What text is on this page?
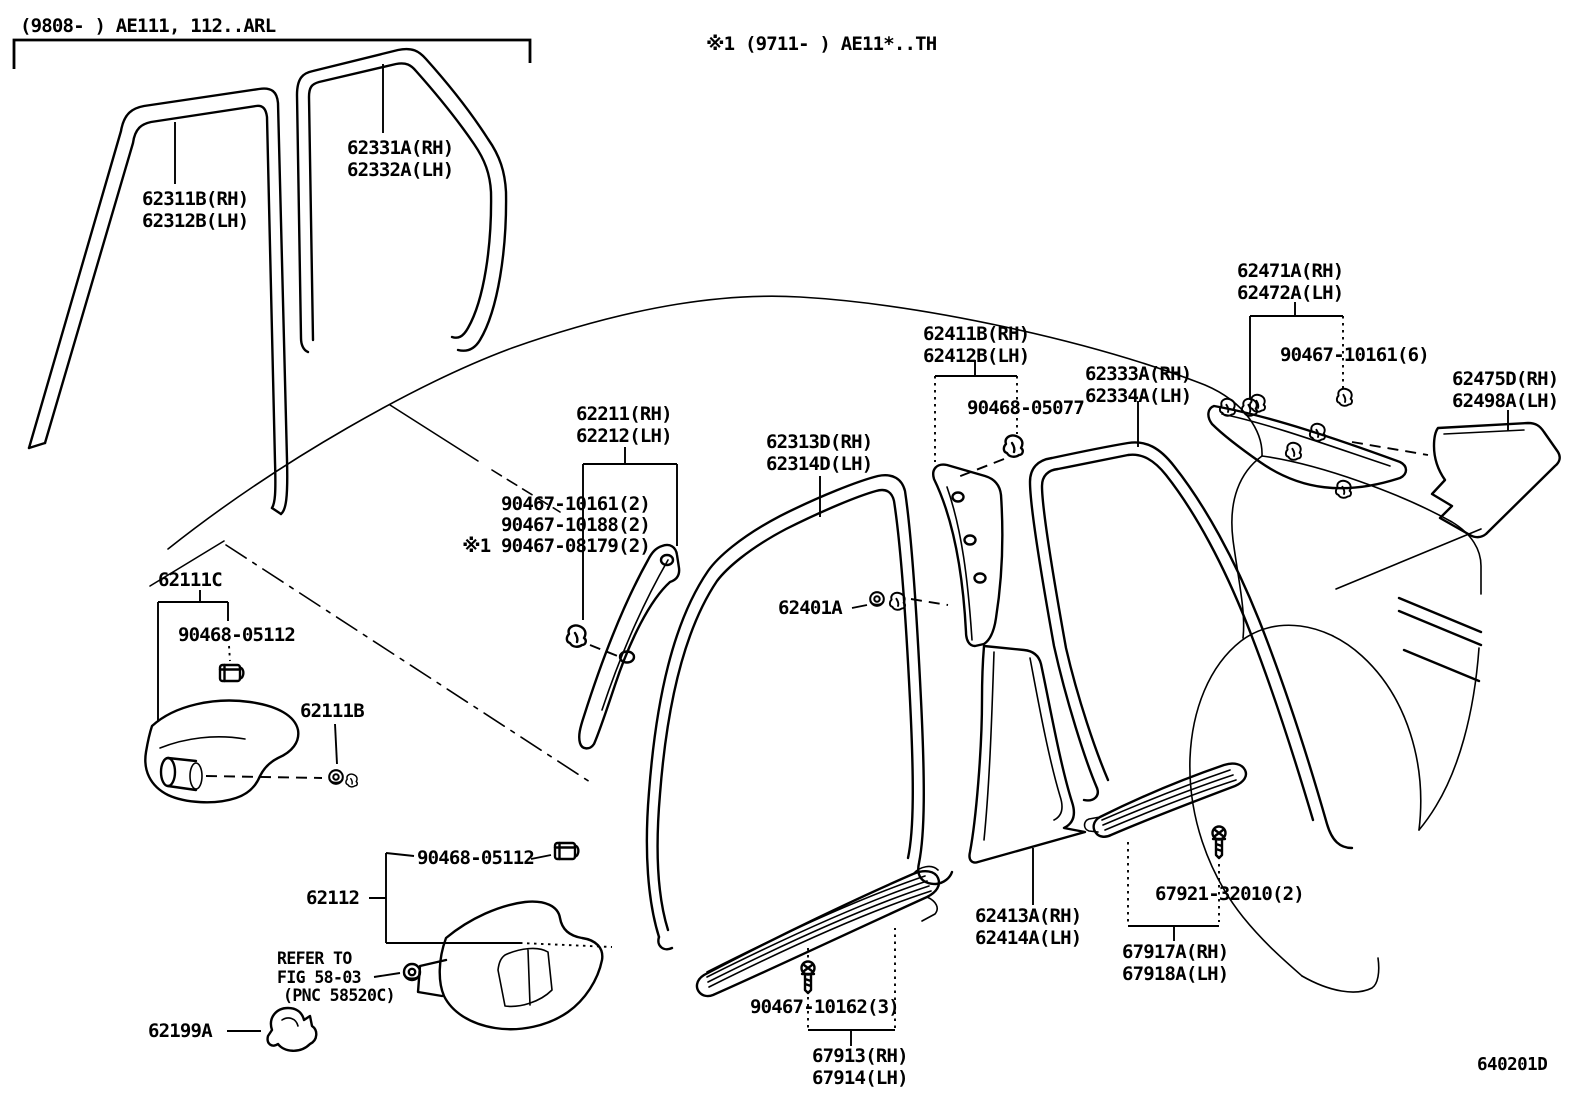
(9808- ) AE111, 112..ARL
※1 (9711- ) AE11*..TH
62311B(RH)
62312B(LH)
62331A(RH)
62332A(LH)
62471A(RH)
62472A(LH)
90467-10161(6)
62475D(RH)
62498A(LH)
62411B(RH)
62412B(LH)
90468-05077
62333A(RH)
62334A(LH)
62211(RH)
62212(LH)
90467-10161(2)
90467-10188(2)
※1 90467-08179(2)
62313D(RH)
62314D(LH)
62401A
62111C
90468-05112
62111B
90468-05112
62112
REFER TO
FIG 58-03
(PNC 58520C)
62199A
90467-10162(3)
67913(RH)
67914(LH)
62413A(RH)
62414A(LH)
67921-32010(2)
67917A(RH)
67918A(LH)
640201D
